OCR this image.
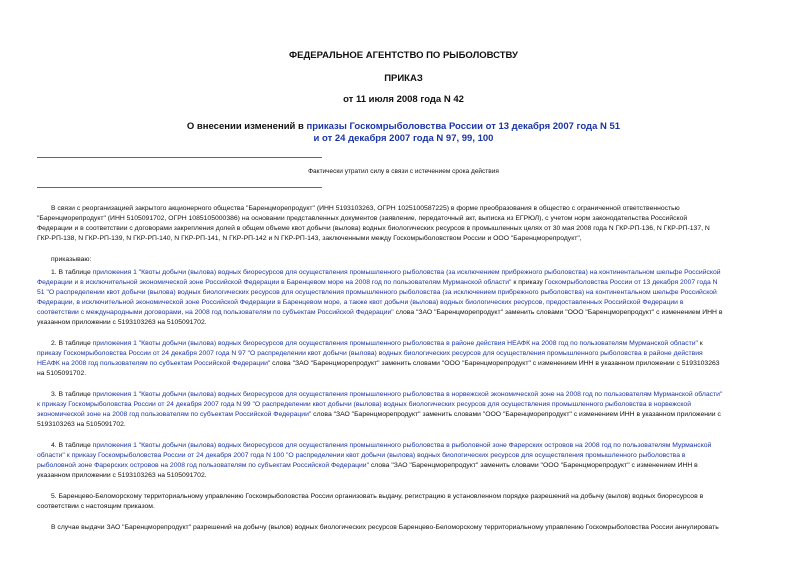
ФЕДЕРАЛЬНОЕ АГЕНТСТВО ПО РЫБОЛОВСТВУ
ПРИКАЗ
от 11 июля 2008 года N 42
О внесении изменений в приказы Госкомрыболовства России от 13 декабря 2007 года N 51
и от 24 декабря 2007 года N 97, 99, 100
Фактически утратил силу в связи с истечением срока действия
В связи с реорганизацией закрытого акционерного общества "Баренцморепродукт" (ИНН 5193103263, ОГРН 1025100587225) в форме преобразования в общество с ограниченной ответственностью
"Баренцморепродукт" (ИНН 5105091702, ОГРН 1085105000386) на основании представленных документов (заявление, передаточный акт, выписка из ЕГРЮЛ), с учетом норм законодательства Российской
Федерации и в соответствии с договорами закрепления долей в общем объеме квот добычи (вылова) водных биологических ресурсов в промышленных целях от 30 мая 2008 года N ГКР-РП-136, N ГКР-РП-137, N
ГКР-РП-138, N ГКР-РП-139, N ГКР-РП-140, N ГКР-РП-141, N ГКР-РП-142 и N ГКР-РП-143, заключенными между Госкомрыболовством России и ООО "Баренцморепродукт",
приказываю:
1. В таблице приложения 1 "Квоты добычи (вылова) водных биоресурсов для осуществления промышленного рыболовства (за исключением прибрежного рыболовства) на континентальном шельфе Российской
Федерации и в исключительной экономической зоне Российской Федерации в Баренцевом море на 2008 год по пользователям Мурманской области" к приказу Госкомрыболовства России от 13 декабря 2007 года N
51 "О распределении квот добычи (вылова) водных биологических ресурсов для осуществления промышленного рыболовства (за исключением прибрежного рыболовства) на континентальном шельфе Российской
Федерации, в исключительной экономической зоне Российской Федерации в Баренцевом море, а также квот добычи (вылова) водных биологических ресурсов, предоставленных Российской Федерации в
соответствии с международными договорами, на 2008 год пользователям по субъектам Российской Федерации" слова "ЗАО "Баренцморепродукт" заменить словами "ООО "Баренцморепродукт" с изменением ИНН в
указанном приложении с 5193103263 на 5105091702.
2. В таблице приложения 1 "Квоты добычи (вылова) водных биоресурсов для осуществления промышленного рыболовства в районе действия НЕАФК на 2008 год по пользователям Мурманской области" к
приказу Госкомрыболовства России от 24 декабря 2007 года N 97 "О распределении квот добычи (вылова) водных биологических ресурсов для осуществления промышленного рыболовства в районе действия
НЕАФК на 2008 год пользователям по субъектам Российской Федерации" слова "ЗАО "Баренцморепродукт" заменить словами "ООО "Баренцморепродукт" с изменением ИНН в указанном приложении с 5193103263
на 5105091702.
3. В таблице приложения 1 "Квоты добычи (вылова) водных биоресурсов для осуществления промышленного рыболовства в норвежской экономической зоне на 2008 год по пользователям Мурманской области"
к приказу Госкомрыболовства России от 24 декабря 2007 года N 99 "О распределении квот добычи (вылова) водных биологических ресурсов для осуществления промышленного рыболовства в норвежской
экономической зоне на 2008 год пользователям по субъектам Российской Федерации" слова "ЗАО "Баренцморепродукт" заменить словами "ООО "Баренцморепродукт" с изменением ИНН в указанном приложении с
5193103263 на 5105091702.
4. В таблице приложения 1 "Квоты добычи (вылова) водных биоресурсов для осуществления промышленного рыболовства в рыболовной зоне Фарерских островов на 2008 год по пользователям Мурманской
области" к приказу Госкомрыболовства России от 24 декабря 2007 года N 100 "О распределении квот добычи (вылова) водных биологических ресурсов для осуществления промышленного рыболовства в
рыболовной зоне Фарерских островов на 2008 год пользователям по субъектам Российской Федерации" слова "ЗАО "Баренцморепродукт" заменить словами "ООО "Баренцморепродукт" с изменением ИНН в
указанном приложении с 5193103263 на 5105091702.
5. Баренцево-Беломорскому территориальному управлению Госкомрыболовства России организовать выдачу, регистрацию в установленном порядке разрешений на добычу (вылов) водных биоресурсов в
соответствии с настоящим приказом.
В случае выдачи ЗАО "Баренцморепродукт" разрешений на добычу (вылов) водных биологических ресурсов Баренцево-Беломорскому территориальному управлению Госкомрыболовства России аннулировать
